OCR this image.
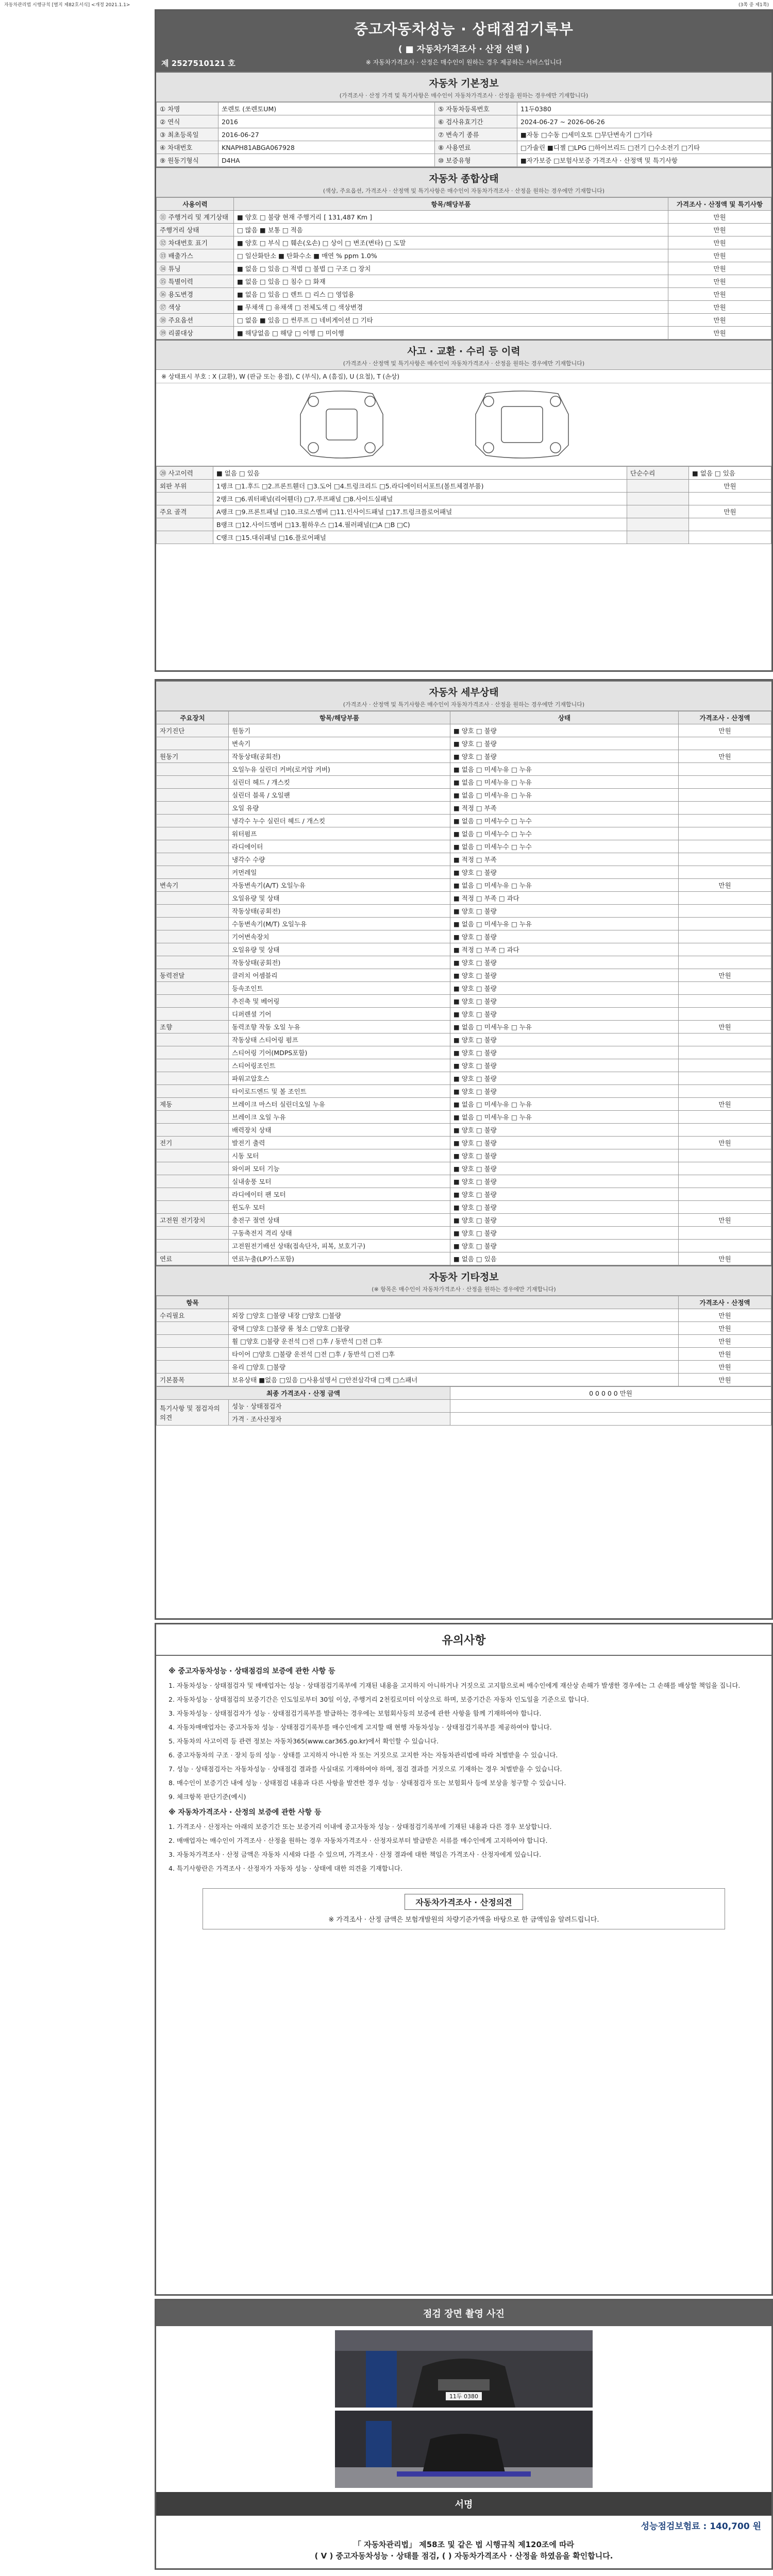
자동차관리법 시행규칙 [별지 제82호서식] <개정 2021.1.1>	(3쪽 중 제1쪽)
중고자동차성능 · 상태점검기록부
( ■ 자동차가격조사 · 산정 선택 )
※ 자동차가격조사 · 산정은 매수인이 원하는 경우 제공하는 서비스입니다
제 2527510121 호
자동차 기본정보
(가격조사 · 산정 가격 및 특기사항은 매수인이 자동차가격조사 · 산정을 원하는 경우에만 기재합니다)
① 차명	쏘렌토 (쏘렌토UM)	⑤ 자동차등록번호	11두0380
② 연식	2016	⑥ 검사유효기간	2024-06-27 ~ 2026-06-26
③ 최초등록일	2016-06-27	⑦ 변속기 종류	■자동 □수동 □세미오토 □무단변속기 □기타
④ 차대번호	KNAPH81ABGA067928	⑧ 사용연료	□가솔린 ■디젤 □LPG □하이브리드 □전기 □수소전기 □기타
⑨ 원동기형식	D4HA	⑩ 보증유형	■자가보증 □보험사보증 가격조사 · 산정액 및 특기사항
자동차 종합상태
(색상, 주요옵션, 가격조사 · 산정액 및 특기사항은 매수인이 자동차가격조사 · 산정을 원하는 경우에만 기재합니다)
사용이력	항목/해당부품	가격조사 · 산정액 및 특기사항
⑪ 주행거리 및 계기상태	■ 양호 □ 불량 현재 주행거리 [ 131,487 Km ]	만원
주행거리 상태	□ 많음 ■ 보통 □ 적음	만원
⑫ 차대번호 표기	■ 양호 □ 부식 □ 훼손(오손) □ 상이 □ 변조(변타) □ 도말	만원
⑬ 배출가스	□ 일산화탄소 ■ 탄화수소 ■ 매연 % ppm 1.0%	만원
⑭ 튜닝	■ 없음 □ 있음 □ 적법 □ 불법 □ 구조 □ 장치	만원
⑮ 특별이력	■ 없음 □ 있음 □ 침수 □ 화재	만원
⑯ 용도변경	■ 없음 □ 있음 □ 렌트 □ 리스 □ 영업용	만원
⑰ 색상	■ 무채색 □ 유채색 □ 전체도색 □ 색상변경	만원
⑱ 주요옵션	□ 없음 ■ 있음 □ 썬루프 □ 네비게이션 □ 기타	만원
⑲ 리콜대상	■ 해당없음 □ 해당 □ 이행 □ 미이행	만원
사고 · 교환 · 수리 등 이력
(가격조사 · 산정액 및 특기사항은 매수인이 자동차가격조사 · 산정을 원하는 경우에만 기재합니다)
※ 상태표시 부호 : X (교환), W (판금 또는 용접), C (부식), A (흠집), U (요철), T (손상)
⑳ 사고이력	■ 없음 □ 있음	단순수리	■ 없음 □ 있음
외판 부위	1랭크 □1.후드 □2.프론트휀더 □3.도어 □4.트렁크리드 □5.라디에이터서포트(볼트체결부품)		만원
	2랭크 □6.쿼터패널(리어휀더) □7.루프패널 □8.사이드실패널		
주요 골격	A랭크 □9.프론트패널 □10.크로스멤버 □11.인사이드패널 □17.트렁크플로어패널		만원
	B랭크 □12.사이드멤버 □13.휠하우스 □14.필러패널(□A □B □C)		
	C랭크 □15.대쉬패널 □16.플로어패널		
자동차 세부상태
(가격조사 · 산정액 및 특기사항은 매수인이 자동차가격조사 · 산정을 원하는 경우에만 기재합니다)
주요장치	항목/해당부품	상태	가격조사 · 산정액
자기진단	원동기	■ 양호 □ 불량	만원
	변속기	■ 양호 □ 불량	
원동기	작동상태(공회전)	■ 양호 □ 불량	만원
	오일누유 실린더 커버(로커암 커버)	■ 없음 □ 미세누유 □ 누유	
	실린더 헤드 / 개스킷	■ 없음 □ 미세누유 □ 누유	
	실린더 블록 / 오일팬	■ 없음 □ 미세누유 □ 누유	
	오일 유량	■ 적정 □ 부족	
	냉각수 누수 실린더 헤드 / 개스킷	■ 없음 □ 미세누수 □ 누수	
	워터펌프	■ 없음 □ 미세누수 □ 누수	
	라디에이터	■ 없음 □ 미세누수 □ 누수	
	냉각수 수량	■ 적정 □ 부족	
	커먼레일	■ 양호 □ 불량	
변속기	자동변속기(A/T) 오일누유	■ 없음 □ 미세누유 □ 누유	만원
	오일유량 및 상태	■ 적정 □ 부족 □ 과다	
	작동상태(공회전)	■ 양호 □ 불량	
	수동변속기(M/T) 오일누유	■ 없음 □ 미세누유 □ 누유	
	기어변속장치	■ 양호 □ 불량	
	오일유량 및 상태	■ 적정 □ 부족 □ 과다	
	작동상태(공회전)	■ 양호 □ 불량	
동력전달	클러치 어셈블리	■ 양호 □ 불량	만원
	등속조인트	■ 양호 □ 불량	
	추진축 및 베어링	■ 양호 □ 불량	
	디퍼렌셜 기어	■ 양호 □ 불량	
조향	동력조향 작동 오일 누유	■ 없음 □ 미세누유 □ 누유	만원
	작동상태 스티어링 펌프	■ 양호 □ 불량	
	스티어링 기어(MDPS포함)	■ 양호 □ 불량	
	스티어링조인트	■ 양호 □ 불량	
	파워고압호스	■ 양호 □ 불량	
	타이로드엔드 및 볼 조인트	■ 양호 □ 불량	
제동	브레이크 마스터 실린더오일 누유	■ 없음 □ 미세누유 □ 누유	만원
	브레이크 오일 누유	■ 없음 □ 미세누유 □ 누유	
	배력장치 상태	■ 양호 □ 불량	
전기	발전기 출력	■ 양호 □ 불량	만원
	시동 모터	■ 양호 □ 불량	
	와이퍼 모터 기능	■ 양호 □ 불량	
	실내송풍 모터	■ 양호 □ 불량	
	라디에이터 팬 모터	■ 양호 □ 불량	
	윈도우 모터	■ 양호 □ 불량	
고전원 전기장치	충전구 절연 상태	■ 양호 □ 불량	만원
	구동축전지 격리 상태	■ 양호 □ 불량	
	고전원전기배선 상태(접속단자, 피복, 보호기구)	■ 양호 □ 불량	
연료	연료누출(LP가스포함)	■ 없음 □ 있음	만원
자동차 기타정보
(※ 항목은 매수인이 자동차가격조사 · 산정을 원하는 경우에만 기재합니다)
항목		가격조사 · 산정액
수리필요	외장 □양호 □불량 내장 □양호 □불량	만원
	광택 □양호 □불량 룸 청소 □양호 □불량	만원
	휠 □양호 □불량 운전석 □전 □후 / 동반석 □전 □후	만원
	타이어 □양호 □불량 운전석 □전 □후 / 동반석 □전 □후	만원
	유리 □양호 □불량	만원
기본품목	보유상태 ■없음 □있음 □사용설명서 □안전삼각대 □잭 □스패너	만원
최종 가격조사 · 산정 금액		0 0 0 0 0 만원
특기사항 및 점검자의 의견	성능 · 상태점검자	
	가격 · 조사산정자	
유의사항
※ 중고자동차성능 · 상태점검의 보증에 관한 사항 등

1. 자동차성능 · 상태점검자 및 매매업자는 성능 · 상태점검기록부에 기재된 내용을 고지하지 아니하거나 거짓으로 고지함으로써 매수인에게 재산상 손해가 발생한 경우에는 그 손해를 배상할 책임을 집니다.

2. 자동차성능 · 상태점검의 보증기간은 인도일로부터 30일 이상, 주행거리 2천킬로미터 이상으로 하며, 보증기간은 자동차 인도일을 기준으로 합니다.

3. 자동차성능 · 상태점검자가 성능 · 상태점검기록부를 발급하는 경우에는 보험회사등의 보증에 관한 사항을 함께 기재하여야 합니다.

4. 자동차매매업자는 중고자동차 성능 · 상태점검기록부를 매수인에게 고지할 때 현행 자동차성능 · 상태점검기록부를 제공하여야 합니다.

5. 자동차의 사고이력 등 관련 정보는 자동차365(www.car365.go.kr)에서 확인할 수 있습니다.

6. 중고자동차의 구조 · 장치 등의 성능 · 상태를 고지하지 아니한 자 또는 거짓으로 고지한 자는 자동차관리법에 따라 처벌받을 수 있습니다.

7. 성능 · 상태점검자는 자동차성능 · 상태점검 결과를 사실대로 기재하여야 하며, 점검 결과를 거짓으로 기재하는 경우 처벌받을 수 있습니다.

8. 매수인이 보증기간 내에 성능 · 상태점검 내용과 다른 사항을 발견한 경우 성능 · 상태점검자 또는 보험회사 등에 보상을 청구할 수 있습니다.

9. 체크항목 판단기준(예시)

※ 자동차가격조사 · 산정의 보증에 관한 사항 등

1. 가격조사 · 산정자는 아래의 보증기간 또는 보증거리 이내에 중고자동차 성능 · 상태점검기록부에 기재된 내용과 다른 경우 보상합니다.

2. 매매업자는 매수인이 가격조사 · 산정을 원하는 경우 자동차가격조사 · 산정자로부터 발급받은 서류를 매수인에게 고지하여야 합니다.

3. 자동차가격조사 · 산정 금액은 자동차 시세와 다를 수 있으며, 가격조사 · 산정 결과에 대한 책임은 가격조사 · 산정자에게 있습니다.

4. 특기사항란은 가격조사 · 산정자가 자동차 성능 · 상태에 대한 의견을 기재합니다.

자동차가격조사 · 산정의견
※ 가격조사 · 산정 금액은 보험개발원의 차량기준가액을 바탕으로 한 금액임을 알려드립니다.
점검 장면 촬영 사진
11두 0380
서명
성능점검보험료 : 140,700 원
「 자동차관리법」 제58조 및 같은 법 시행규칙 제120조에 따라
( V ) 중고자동차성능 · 상태를 점검, ( ) 자동차가격조사 · 산정을 하였음을 확인합니다.
